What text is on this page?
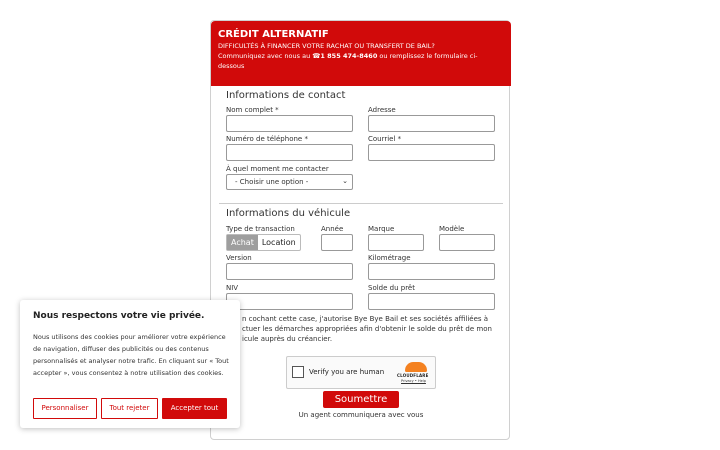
CRÉDIT ALTERNATIF
DIFFICULTÉS À FINANCER VOTRE RACHAT OU TRANSFERT DE BAIL?
Communiquez avec nous au ☎1 855 474-8460 ou remplissez le formulaire ci-
dessous
Informations de contact
Nom complet *	Adresse
Numéro de téléphone *	Courriel *
À quel moment me contacter
- Choisir une option -	⌄
Informations du véhicule
Type de transaction
Achat	Location
Année	Marque	Modèle
Version	Kilométrage
NIV	Solde du prêt
n cochant cette case, j'autorise Bye Bye Bail et ses sociétés affiliées à
ctuer les démarches appropriées afin d'obtenir le solde du prêt de mon
icule auprès du créancier.
Verify you are human	CLOUDFLARE
Privacy • Help
Soumettre
Un agent communiquera avec vous
Nous respectons votre vie privée.
Nous utilisons des cookies pour améliorer votre expérience de navigation, diffuser des publicités ou des contenus personnalisés et analyser notre trafic. En cliquant sur « Tout accepter », vous consentez à notre utilisation des cookies.
Personnaliser	Tout rejeter	Accepter tout
